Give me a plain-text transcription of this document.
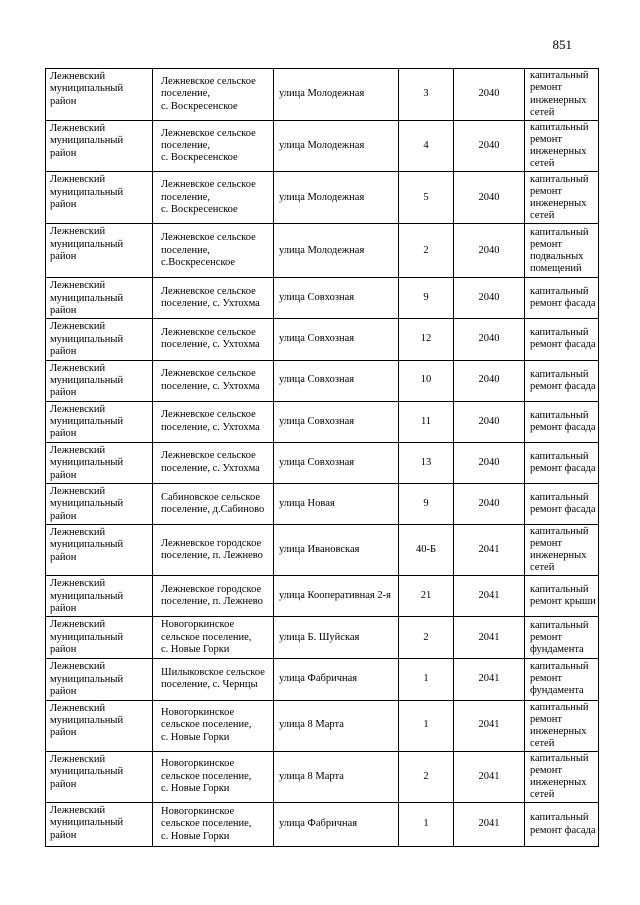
851
Лежневский муниципальный район	Лежневское сельское поселение,
с. Воскресенское	улица Молодежная	3	2040	капитальный ремонт инженерных сетей
Лежневский муниципальный район	Лежневское сельское поселение,
с. Воскресенское	улица Молодежная	4	2040	капитальный ремонт инженерных сетей
Лежневский муниципальный район	Лежневское сельское поселение,
с. Воскресенское	улица Молодежная	5	2040	капитальный ремонт инженерных сетей
Лежневский муниципальный район	Лежневское сельское поселение,
с.Воскресенское	улица Молодежная	2	2040	капитальный ремонт подвальных помещений
Лежневский муниципальный район	Лежневское сельское поселение, с. Ухтохма	улица Совхозная	9	2040	капитальный ремонт фасада
Лежневский муниципальный район	Лежневское сельское поселение, с. Ухтохма	улица Совхозная	12	2040	капитальный ремонт фасада
Лежневский муниципальный район	Лежневское сельское поселение, с. Ухтохма	улица Совхозная	10	2040	капитальный ремонт фасада
Лежневский муниципальный район	Лежневское сельское поселение, с. Ухтохма	улица Совхозная	11	2040	капитальный ремонт фасада
Лежневский муниципальный район	Лежневское сельское поселение, с. Ухтохма	улица Совхозная	13	2040	капитальный ремонт фасада
Лежневский муниципальный район	Сабиновское сельское поселение, д.Сабиново	улица Новая	9	2040	капитальный ремонт фасада
Лежневский муниципальный район	Лежневское городское поселение, п. Лежнево	улица Ивановская	40-Б	2041	капитальный ремонт инженерных сетей
Лежневский муниципальный район	Лежневское городское поселение, п. Лежнево	улица Кооперативная 2-я	21	2041	капитальный ремонт крыши
Лежневский муниципальный район	Новогоркинское сельское поселение,
с. Новые Горки	улица Б. Шуйская	2	2041	капитальный ремонт фундамента
Лежневский муниципальный район	Шилыковское сельское поселение, с. Чернцы	улица Фабричная	1	2041	капитальный ремонт фундамента
Лежневский муниципальный район	Новогоркинское сельское поселение,
с. Новые Горки	улица 8 Марта	1	2041	капитальный ремонт инженерных сетей
Лежневский муниципальный район	Новогоркинское сельское поселение,
с. Новые Горки	улица 8 Марта	2	2041	капитальный ремонт инженерных сетей
Лежневский муниципальный район	Новогоркинское сельское поселение,
с. Новые Горки	улица Фабричная	1	2041	капитальный ремонт фасада
